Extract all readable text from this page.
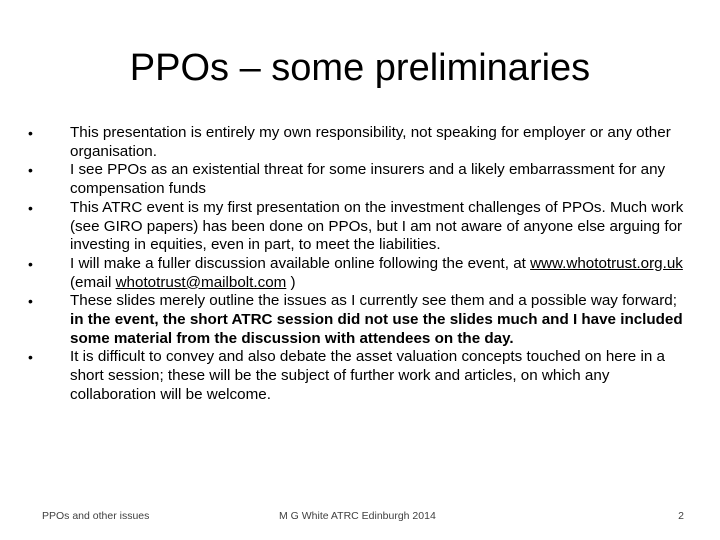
PPOs – some preliminaries
•	This presentation is entirely my own responsibility, not speaking for employer or any other organisation.
•	I see PPOs as an existential threat for some insurers and a likely embarrassment for any compensation funds
•	This ATRC event is my first presentation on the investment challenges of PPOs. Much work (see GIRO papers) has been done on PPOs, but I am not aware of anyone else arguing for investing in equities, even in part, to meet the liabilities.
•	I will make a fuller discussion available online following the event, at www.whototrust.org.uk (email whototrust@mailbolt.com )
•	These slides merely outline the issues as I currently see them and a possible way forward; in the event, the short ATRC session did not use the slides much and I have included some material from the discussion with attendees on the day.
•	It is difficult to convey and also debate the asset valuation concepts touched on here in a short session; these will be the subject of further work and articles, on which any collaboration will be welcome.
PPOs and other issues	M G White ATRC Edinburgh 2014	2
